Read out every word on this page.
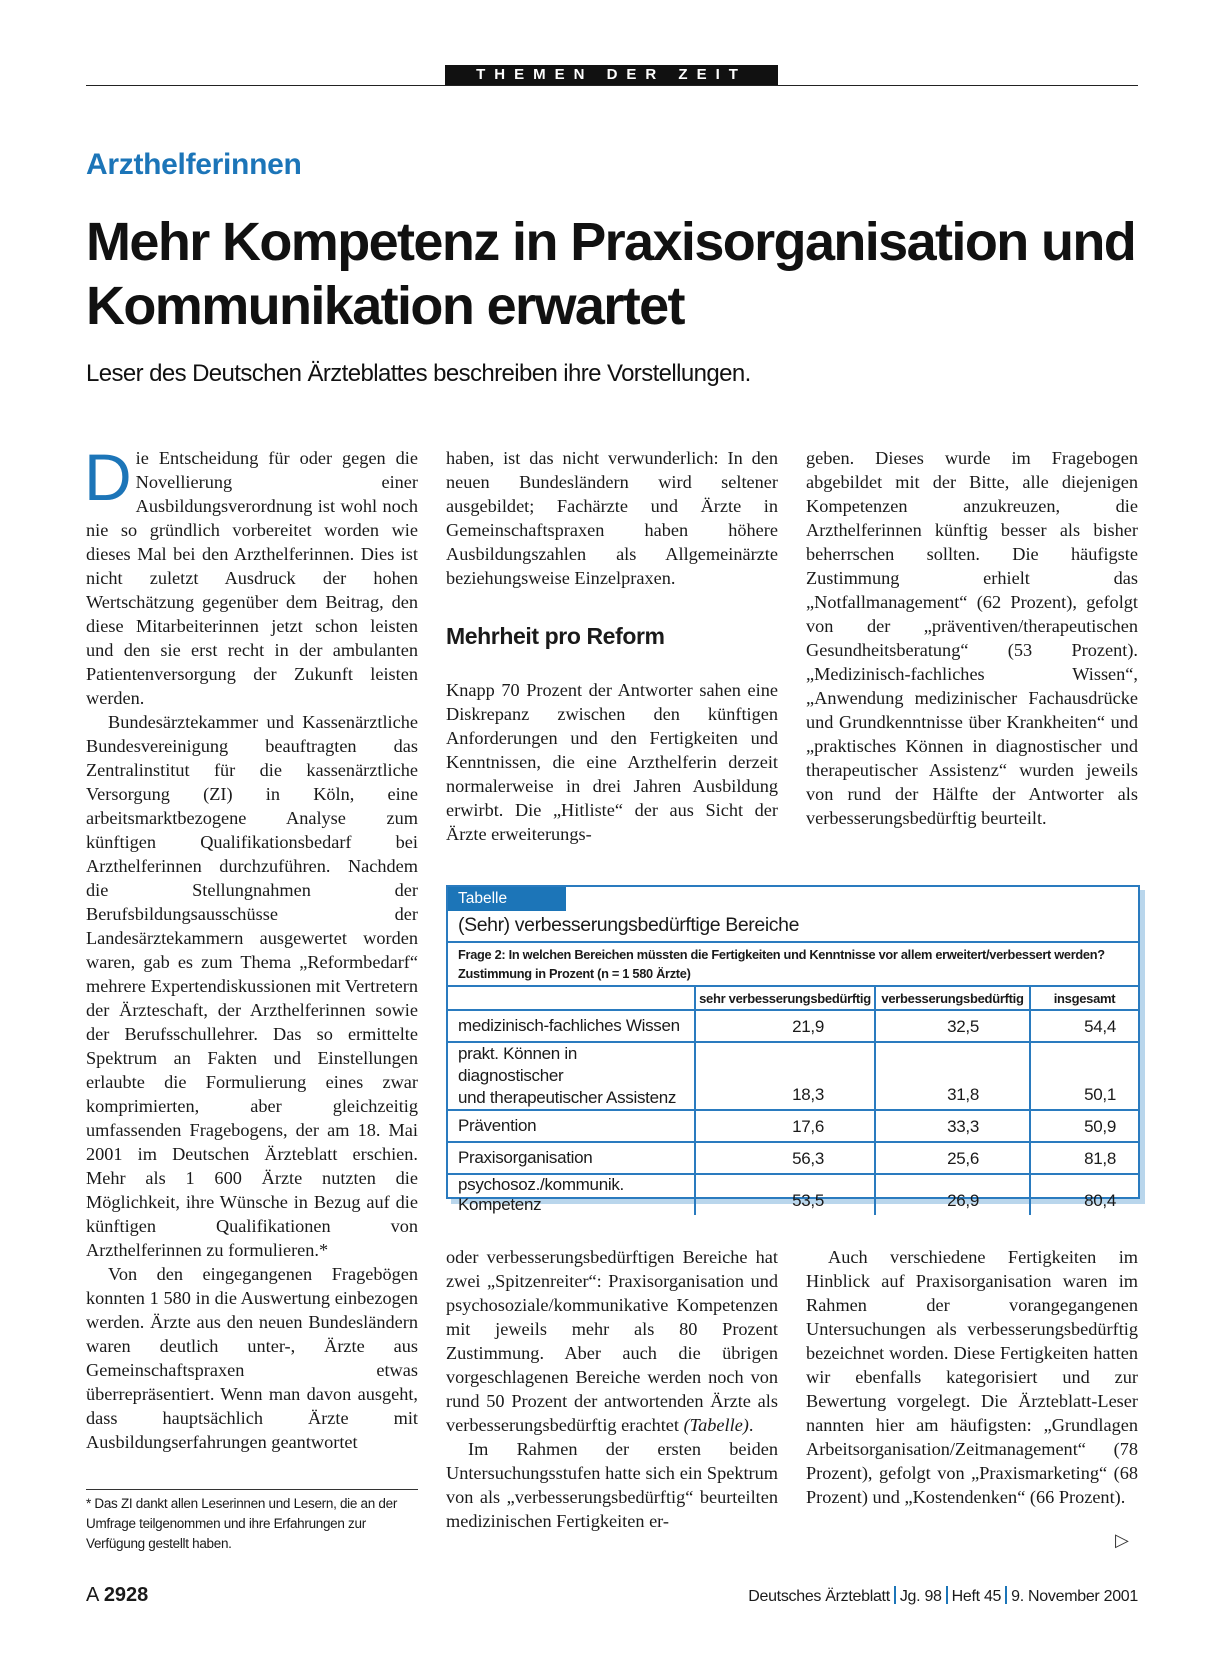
THEMEN DER ZEIT
Arzthelferinnen
Mehr Kompetenz in Praxisorganisation und Kommunikation erwartet
Leser des Deutschen Ärzteblattes beschreiben ihre Vorstellungen.

Die Entscheidung für oder gegen die Novellierung einer Ausbildungsverordnung ist wohl noch nie so gründlich vorbereitet worden wie dieses Mal bei den Arzthelferinnen. Dies ist nicht zuletzt Ausdruck der hohen Wertschätzung gegenüber dem Beitrag, den diese Mitarbeiterinnen jetzt schon leisten und den sie erst recht in der ambulanten Patientenversorgung der Zukunft leisten werden.

Bundesärztekammer und Kassenärztliche Bundesvereinigung beauftragten das Zentralinstitut für die kassenärztliche Versorgung (ZI) in Köln, eine arbeitsmarktbezogene Analyse zum künftigen Qualifikationsbedarf bei Arzthelferinnen durchzuführen. Nachdem die Stellungnahmen der Berufsbildungsausschüsse der Landesärztekammern ausgewertet worden waren, gab es zum Thema „Reformbedarf“ mehrere Expertendiskussionen mit Vertretern der Ärzteschaft, der Arzthelferinnen sowie der Berufsschullehrer. Das so ermittelte Spektrum an Fakten und Einstellungen erlaubte die Formulierung eines zwar komprimierten, aber gleichzeitig umfassenden Fragebogens, der am 18. Mai 2001 im Deutschen Ärzteblatt erschien. Mehr als 1 600 Ärzte nutzten die Möglichkeit, ihre Wünsche in Bezug auf die künftigen Qualifikationen von Arzthelferinnen zu formulieren.*

Von den eingegangenen Fragebögen konnten 1 580 in die Auswertung einbezogen werden. Ärzte aus den neuen Bundesländern waren deutlich unter-, Ärzte aus Gemeinschaftspraxen etwas überrepräsentiert. Wenn man davon ausgeht, dass hauptsächlich Ärzte mit Ausbildungserfahrungen geantwortet

haben, ist das nicht verwunderlich: In den neuen Bundesländern wird seltener ausgebildet; Fachärzte und Ärzte in Gemeinschaftspraxen haben höhere Ausbildungszahlen als Allgemeinärzte beziehungsweise Einzelpraxen.

Mehrheit pro Reform

Knapp 70 Prozent der Antworter sahen eine Diskrepanz zwischen den künftigen Anforderungen und den Fertigkeiten und Kenntnissen, die eine Arzthelferin derzeit normalerweise in drei Jahren Ausbildung erwirbt. Die „Hitliste“ der aus Sicht der Ärzte erweiterungs-

geben. Dieses wurde im Fragebogen abgebildet mit der Bitte, alle diejenigen Kompetenzen anzukreuzen, die Arzthelferinnen künftig besser als bisher beherrschen sollten. Die häufigste Zustimmung erhielt das „Notfallmanagement“ (62 Prozent), gefolgt von der „präventiven/therapeutischen Gesundheitsberatung“ (53 Prozent). „Medizinisch-fachliches Wissen“, „Anwendung medizinischer Fachausdrücke und Grundkenntnisse über Krankheiten“ und „praktisches Können in diagnostischer und therapeutischer Assistenz“ wurden jeweils von rund der Hälfte der Antworter als verbesserungsbedürftig beurteilt.

Tabelle
(Sehr) verbesserungsbedürftige Bereiche
Frage 2: In welchen Bereichen müssten die Fertigkeiten und Kenntnisse vor allem erweitert/verbessert werden?
Zustimmung in Prozent (n = 1 580 Ärzte)
	sehr verbesserungsbedürftig	verbesserungsbedürftig	insgesamt
medizinisch-fachliches Wissen	21,9	32,5	54,4

prakt. Können in diagnostischer
und therapeutischer Assistenz	18,3	31,8	50,1
Prävention	17,6	33,3	50,9
Praxisorganisation	56,3	25,6	81,8
psychosoz./kommunik. Kompetenz	53,5	26,9	80,4

oder verbesserungsbedürftigen Bereiche hat zwei „Spitzenreiter“: Praxisorganisation und psychosoziale/kommunikative Kompetenzen mit jeweils mehr als 80 Prozent Zustimmung. Aber auch die übrigen vorgeschlagenen Bereiche werden noch von rund 50 Prozent der antwortenden Ärzte als verbesserungsbedürftig erachtet (Tabelle).

Im Rahmen der ersten beiden Untersuchungsstufen hatte sich ein Spektrum von als „verbesserungsbedürftig“ beurteilten medizinischen Fertigkeiten er-

Auch verschiedene Fertigkeiten im Hinblick auf Praxisorganisation waren im Rahmen der vorangegangenen Untersuchungen als verbesserungsbedürftig bezeichnet worden. Diese Fertigkeiten hatten wir ebenfalls kategorisiert und zur Bewertung vorgelegt. Die Ärzteblatt-Leser nannten hier am häufigsten: „Grundlagen Arbeitsorganisation/Zeitmanagement“ (78 Prozent), gefolgt von „Praxismarketing“ (68 Prozent) und „Kostendenken“ (66 Prozent).

▷
* Das ZI dankt allen Leserinnen und Lesern, die an der Umfrage teilgenommen und ihre Erfahrungen zur Verfügung gestellt haben.
A 2928	Deutsches Ärzteblatt Jg. 98 Heft 45 9. November 2001
